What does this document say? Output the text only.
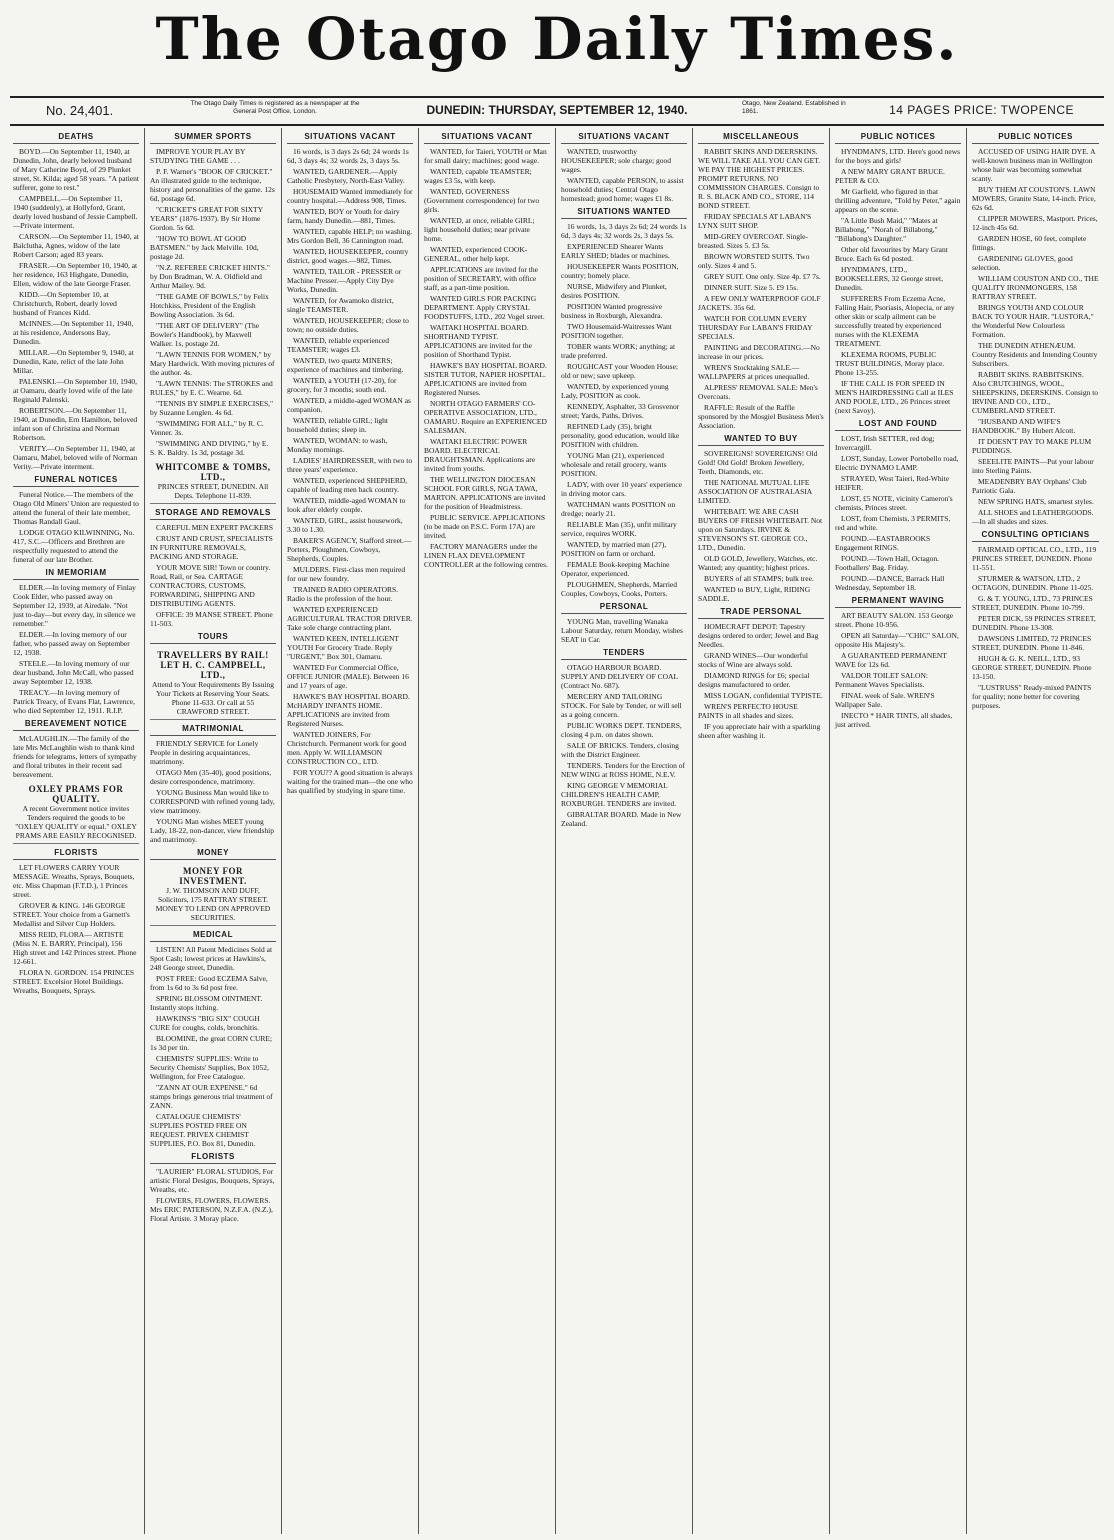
The Otago Daily Times.
No. 24,401.	The Otago Daily Times is registered as a newspaper at the General Post Office, London.	DUNEDIN: THURSDAY, SEPTEMBER 12, 1940.	Otago, New Zealand. Established in 1861.	14 PAGES PRICE: TWOPENCE
DEATHS

BOYD.—On September 11, 1940, at Dunedin, John, dearly beloved husband of Mary Catherine Boyd, of 29 Plunket street, St. Kilda; aged 58 years. "A patient sufferer, gone to rest."

CAMPBELL.—On September 11, 1940 (suddenly), at Hollyford, Grant, dearly loved husband of Jessie Campbell.—Private interment.

CARSON.—On September 11, 1940, at Balclutha, Agnes, widow of the late Robert Carson; aged 83 years.

FRASER.—On September 10, 1940, at her residence, 163 Highgate, Dunedin, Ellen, widow of the late George Fraser.

KIDD.—On September 10, at Christchurch, Robert, dearly loved husband of Frances Kidd.

McINNES.—On September 11, 1940, at his residence, Andersons Bay, Dunedin.

MILLAR.—On September 9, 1940, at Dunedin, Kate, relict of the late John Millar.

PALENSKI.—On September 10, 1940, at Oamaru, dearly loved wife of the late Reginald Palenski.

ROBERTSON.—On September 11, 1940, at Dunedin, Ern Hamilton, beloved infant son of Christina and Norman Robertson.

VERITY.—On September 11, 1940, at Oamaru, Mabel, beloved wife of Norman Verity.—Private interment.

FUNERAL NOTICES

Funeral Notice.—The members of the Otago Old Miners' Union are requested to attend the funeral of their late member, Thomas Randall Gaul.

LODGE OTAGO KILWINNING, No. 417, S.C.—Officers and Brethren are respectfully requested to attend the funeral of our late Brother.

IN MEMORIAM

ELDER.—In loving memory of Finlay Cook Elder, who passed away on September 12, 1939, at Airedale. "Not just to-day—but every day, in silence we remember."

ELDER.—In loving memory of our father, who passed away on September 12, 1938.

STEELE.—In loving memory of our dear husband, John McCall, who passed away September 12, 1938.

TREACY.—In loving memory of Patrick Treacy, of Evans Flat, Lawrence, who died September 12, 1911. R.I.P.

BEREAVEMENT NOTICE

McLAUGHLIN.—The family of the late Mrs McLaughlin wish to thank kind friends for telegrams, letters of sympathy and floral tributes in their recent sad bereavement.

OXLEY PRAMS FOR QUALITY.

A recent Government notice invites Tenders required the goods to be "OXLEY QUALITY or equal." OXLEY PRAMS ARE EASILY RECOGNISED.

FLORISTS

LET FLOWERS CARRY YOUR MESSAGE. Wreaths, Sprays, Bouquets, etc. Miss Chapman (F.T.D.), 1 Princes street.

GROVER & KING. 146 GEORGE STREET. Your choice from a Garnett's Medallist and Silver Cup Holders.

MISS REID, FLORA— ARTISTE (Miss N. E. BARRY, Principal), 156 High street and 142 Princes street. Phone 12-661.

FLORA N. GORDON. 154 PRINCES STREET. Excelsior Hotel Buildings. Wreaths, Bouquets, Sprays.

SUMMER SPORTS

IMPROVE YOUR PLAY BY STUDYING THE GAME . . .

P. F. Warner's "BOOK OF CRICKET." An illustrated guide to the technique, history and personalities of the game. 12s 6d, postage 6d.

"CRICKET'S GREAT FOR SIXTY YEARS" (1876-1937). By Sir Home Gordon. 5s 6d.

"HOW TO BOWL AT GOOD BATSMEN." by Jack Melville. 10d, postage 2d.

"N.Z. REFEREE CRICKET HINTS." by Don Bradman, W. A. Oldfield and Arthur Mailey. 9d.

"THE GAME OF BOWLS," by Felix Hotchkiss, President of the English Bowling Association. 3s 6d.

"THE ART OF DELIVERY" (The Bowler's Handbook), by Maxwell Walker. 1s, postage 2d.

"LAWN TENNIS FOR WOMEN," by Mary Hardwick. With moving pictures of the author. 4s.

"LAWN TENNIS: The STROKES and RULES," by E. C. Wearne. 6d.

"TENNIS BY SIMPLE EXERCISES," by Suzanne Lenglen. 4s 6d.

"SWIMMING FOR ALL," by R. C. Venner. 3s.

"SWIMMING AND DIVING," by E. S. K. Baldry. 1s 3d, postage 3d.

WHITCOMBE & TOMBS, LTD.,

PRINCES STREET, DUNEDIN. All Depts. Telephone 11-839.

STORAGE AND REMOVALS

CAREFUL MEN EXPERT PACKERS

CRUST AND CRUST, SPECIALISTS IN FURNITURE REMOVALS, PACKING AND STORAGE.

YOUR MOVE SIR! Town or country. Road, Rail, or Sea. CARTAGE CONTRACTORS, CUSTOMS, FORWARDING, SHIPPING AND DISTRIBUTING AGENTS.

OFFICE: 39 MANSE STREET. Phone 11-503.

TOURS
TRAVELLERS BY RAIL! LET H. C. CAMPBELL, LTD.,

Attend to Your Requirements By Issuing Your Tickets at Reserving Your Seats. Phone 11-633. Or call at 55 CRAWFORD STREET.

MATRIMONIAL

FRIENDLY SERVICE for Lonely People in desiring acquaintances, matrimony.

OTAGO Men (35-40), good positions, desire correspondence, matrimony.

YOUNG Business Man would like to CORRESPOND with refined young lady, view matrimony.

YOUNG Man wishes MEET young Lady, 18-22, non-dancer, view friendship and matrimony.

MONEY
MONEY FOR INVESTMENT.

J. W. THOMSON AND DUFF, Solicitors, 175 RATTRAY STREET. MONEY TO LEND ON APPROVED SECURITIES.

MEDICAL

LISTEN! All Patent Medicines Sold at Spot Cash; lowest prices at Hawkins's, 248 George street, Dunedin.

POST FREE: Good ECZEMA Salve, from 1s 6d to 3s 6d post free.

SPRING BLOSSOM OINTMENT. Instantly stops itching.

HAWKINS'S "BIG SIX" COUGH CURE for coughs, colds, bronchitis.

BLOOMINE, the great CORN CURE; 1s 3d per tin.

CHEMISTS' SUPPLIES: Write to Security Chemists' Supplies, Box 1052, Wellington, for Free Catalogue.

"ZANN AT OUR EXPENSE." 6d stamps brings generous trial treatment of ZANN.

CATALOGUE CHEMISTS' SUPPLIES POSTED FREE ON REQUEST. PRIVEX CHEMIST SUPPLIES, P.O. Box 81, Dunedin.

FLORISTS

"LAURIER" FLORAL STUDIOS, For artistic Floral Designs, Bouquets, Sprays, Wreaths, etc.

FLOWERS, FLOWERS, FLOWERS. Mrs ERIC PATERSON, N.Z.F.A. (N.Z.), Floral Artiste. 3 Moray place.

SITUATIONS VACANT

16 words, is 3 days 2s 6d; 24 words 1s 6d, 3 days 4s; 32 words 2s, 3 days 5s.

WANTED, GARDENER.—Apply Catholic Presbytery, North-East Valley.

HOUSEMAID Wanted immediately for country hospital.—Address 908, Times.

WANTED, BOY or Youth for dairy farm, handy Dunedin.—881, Times.

WANTED, capable HELP; no washing. Mrs Gordon Bell, 36 Cannington road.

WANTED, HOUSEKEEPER, country district, good wages.—982, Times.

WANTED, TAILOR - PRESSER or Machine Presser.—Apply City Dye Works, Dunedin.

WANTED, for Awamoko district, single TEAMSTER.

WANTED, HOUSEKEEPER; close to town; no outside duties.

WANTED, reliable experienced TEAMSTER; wages £3.

WANTED, two quartz MINERS; experience of machines and timbering.

WANTED, a YOUTH (17-20), for grocery, for 3 months; south end.

WANTED, a middle-aged WOMAN as companion.

WANTED, reliable GIRL; light household duties; sleep in.

WANTED, WOMAN: to wash, Monday mornings.

LADIES' HAIRDRESSER, with two to three years' experience.

WANTED, experienced SHEPHERD, capable of leading men back country.

WANTED, middle-aged WOMAN to look after elderly couple.

WANTED, GIRL, assist housework, 3.30 to 1.30.

BAKER'S AGENCY, Stafford street.—Porters, Ploughmen, Cowboys, Shepherds, Couples.

MULDERS. First-class men required for our new foundry.

TRAINED RADIO OPERATORS. Radio is the profession of the hour.

WANTED EXPERIENCED AGRICULTURAL TRACTOR DRIVER. Take sole charge contracting plant.

WANTED KEEN, INTELLIGENT YOUTH For Grocery Trade. Reply "URGENT," Box 301, Oamaru.

WANTED For Commercial Office, OFFICE JUNIOR (MALE). Between 16 and 17 years of age.

HAWKE'S BAY HOSPITAL BOARD. McHARDY INFANTS HOME. APPLICATIONS are invited from Registered Nurses.

WANTED JOINERS, For Christchurch. Permanent work for good men. Apply W. WILLIAMSON CONSTRUCTION CO., LTD.

FOR YOU?? A good situation is always waiting for the trained man—the one who has qualified by studying in spare time.

SITUATIONS VACANT

WANTED, for Taieri, YOUTH or Man for small dairy; machines; good wage.

WANTED, capable TEAMSTER; wages £3 5s, with keep.

WANTED, GOVERNESS (Government correspondence) for two girls.

WANTED, at once, reliable GIRL; light household duties; near private home.

WANTED, experienced COOK-GENERAL, other help kept.

APPLICATIONS are invited for the position of SECRETARY, with office staff, as a part-time position.

WANTED GIRLS FOR PACKING DEPARTMENT. Apply CRYSTAL FOODSTUFFS, LTD., 202 Vogel street.

WAITAKI HOSPITAL BOARD. SHORTHAND TYPIST. APPLICATIONS are invited for the position of Shorthand Typist.

HAWKE'S BAY HOSPITAL BOARD. SISTER TUTOR, NAPIER HOSPITAL. APPLICATIONS are invited from Registered Nurses.

NORTH OTAGO FARMERS' CO-OPERATIVE ASSOCIATION, LTD., OAMARU. Require an EXPERIENCED SALESMAN.

WAITAKI ELECTRIC POWER BOARD. ELECTRICAL DRAUGHTSMAN. Applications are invited from youths.

THE WELLINGTON DIOCESAN SCHOOL FOR GIRLS, NGA TAWA, MARTON. APPLICATIONS are invited for the position of Headmistress.

PUBLIC SERVICE. APPLICATIONS (to be made on P.S.C. Form 17A) are invited.

FACTORY MANAGERS under the LINEN FLAX DEVELOPMENT CONTROLLER at the following centres.

SITUATIONS VACANT

WANTED, trustworthy HOUSEKEEPER; sole charge; good wages.

WANTED, capable PERSON, to assist household duties; Central Otago homestead; good home; wages £1 8s.

SITUATIONS WANTED

16 words, 1s, 3 days 2s 6d; 24 words 1s 6d, 3 days 4s; 32 words 2s, 3 days 5s.

EXPERIENCED Shearer Wants EARLY SHED; blades or machines.

HOUSEKEEPER Wants POSITION, country; homely place.

NURSE, Midwifery and Plunket, desires POSITION.

POSITION Wanted progressive business in Roxburgh, Alexandra.

TWO Housemaid-Waitresses Want POSITION together.

TOBER wants WORK; anything; at trade preferred.

ROUGHCAST your Wooden House; old or new; save upkeep.

WANTED, by experienced young Lady, POSITION as cook.

KENNEDY, Asphalter, 33 Grosvenor street; Yards, Paths, Drives.

REFINED Lady (35), bright personality, good education, would like POSITION with children.

YOUNG Man (21), experienced wholesale and retail grocery, wants POSITION.

LADY, with over 10 years' experience in driving motor cars.

WATCHMAN wants POSITION on dredge; nearly 21.

RELIABLE Man (35), unfit military service, requires WORK.

WANTED, by married man (27), POSITION on farm or orchard.

FEMALE Book-keeping Machine Operator, experienced.

PLOUGHMEN, Shepherds, Married Couples, Cowboys, Cooks, Porters.

PERSONAL

YOUNG Man, travelling Wanaka Labour Saturday, return Monday, wishes SEAT in Car.

TENDERS

OTAGO HARBOUR BOARD. SUPPLY AND DELIVERY OF COAL (Contract No. 687).

MERCERY AND TAILORING STOCK. For Sale by Tender, or will sell as a going concern.

PUBLIC WORKS DEPT. TENDERS, closing 4 p.m. on dates shown.

SALE OF BRICKS. Tenders, closing with the District Engineer.

TENDERS. Tenders for the Erection of NEW WING at ROSS HOME, N.E.V.

KING GEORGE V MEMORIAL CHILDREN'S HEALTH CAMP, ROXBURGH. TENDERS are invited.

GIBRALTAR BOARD. Made in New Zealand.

MISCELLANEOUS

RABBIT SKINS AND DEERSKINS. WE WILL TAKE ALL YOU CAN GET. WE PAY THE HIGHEST PRICES. PROMPT RETURNS. NO COMMISSION CHARGES. Consign to R. S. BLACK AND CO., STORE, 114 BOND STREET.

FRIDAY SPECIALS AT LABAN'S LYNX SUIT SHOP.

MID-GREY OVERCOAT. Single-breasted. Sizes 5. £3 5s.

BROWN WORSTED SUITS. Two only. Sizes 4 and 5.

GREY SUIT. One only. Size 4p. £7 7s.

DINNER SUIT. Size 5. £9 15s.

A FEW ONLY WATERPROOF GOLF JACKETS. 35s 6d.

WATCH FOR COLUMN EVERY THURSDAY For LABAN'S FRIDAY SPECIALS.

PAINTING and DECORATING.—No increase in our prices.

WREN'S Stocktaking SALE.—WALLPAPERS at prices unequalled.

ALPRESS' REMOVAL SALE: Men's Overcoats.

RAFFLE: Result of the Raffle sponsored by the Mosgiel Business Men's Association.

WANTED TO BUY

SOVEREIGNS! SOVEREIGNS! Old Gold! Old Gold! Broken Jewellery, Teeth, Diamonds, etc.

THE NATIONAL MUTUAL LIFE ASSOCIATION OF AUSTRALASIA LIMITED.

WHITEBAIT. WE ARE CASH BUYERS OF FRESH WHITEBAIT. Not upon on Saturdays. IRVINE & STEVENSON'S ST. GEORGE CO., LTD., Dunedin.

OLD GOLD, Jewellery, Watches, etc. Wanted; any quantity; highest prices.

BUYERS of all STAMPS; bulk tree.

WANTED to BUY, Light, RIDING SADDLE.

TRADE PERSONAL

HOMECRAFT DEPOT: Tapestry designs ordered to order; Jewel and Bag Needles.

GRAND WINES—Our wonderful stocks of Wine are always sold.

DIAMOND RINGS for £6; special designs manufactured to order.

MISS LOGAN, confidential TYPISTE.

WREN'S PERFECTO HOUSE PAINTS in all shades and sizes.

IF you appreciate hair with a sparkling sheen after washing it.

PUBLIC NOTICES

HYNDMAN'S, LTD. Here's good news for the boys and girls!

A NEW MARY GRANT BRUCE. PETER & CO.

Mr Garfield, who figured in that thrilling adventure, "Told by Peter," again appears on the scene.

"A Little Bush Maid," "Mates at Billabong," "Norah of Billabong," "Billabong's Daughter."

Other old favourites by Mary Grant Bruce. Each 6s 6d posted.

HYNDMAN'S, LTD., BOOKSELLERS, 32 George street, Dunedin.

SUFFERERS From Eczema Acne, Falling Hair, Psoriasis, Alopecia, or any other skin or scalp ailment can be successfully treated by experienced nurses with the KLEXEMA TREATMENT.

KLEXEMA ROOMS, PUBLIC TRUST BUILDINGS, Moray place. Phone 13-255.

IF THE CALL IS FOR SPEED IN MEN'S HAIRDRESSING Call at ILES AND POOLE, LTD., 26 Princes street (next Savoy).

LOST AND FOUND

LOST, Irish SETTER, red dog; Invercargill.

LOST, Sunday, Lower Portobello road, Electric DYNAMO LAMP.

STRAYED, West Taieri, Red-White HEIFER.

LOST, £5 NOTE, vicinity Cameron's chemists, Princes street.

LOST, from Chemists, 3 PERMITS, red and white.

FOUND.—EASTABROOKS Engagement RINGS.

FOUND.—Town Hall, Octagon. Footballers' Bag. Friday.

FOUND.—DANCE, Barrack Hall Wednesday, September 18.

PERMANENT WAVING

ART BEAUTY SALON. 153 George street. Phone 10-956.

OPEN all Saturday—"CHIC" SALON, opposite His Majesty's.

A GUARANTEED PERMANENT WAVE for 12s 6d.

VALDOR TOILET SALON: Permanent Waves Specialists.

FINAL week of Sale. WREN'S Wallpaper Sale.

INECTO * HAIR TINTS, all shades, just arrived.

PUBLIC NOTICES

ACCUSED OF USING HAIR DYE. A well-known business man in Wellington whose hair was becoming somewhat scanty.

BUY THEM AT COUSTON'S. LAWN MOWERS, Granite State, 14-inch. Price, 62s 6d.

CLIPPER MOWERS, Mastport. Prices, 12-inch 45s 6d.

GARDEN HOSE, 60 feet, complete fittings.

GARDENING GLOVES, good selection.

WILLIAM COUSTON AND CO., THE QUALITY IRONMONGERS, 158 RATTRAY STREET.

BRINGS YOUTH AND COLOUR BACK TO YOUR HAIR. "LUSTORA," the Wonderful New Colourless Formation.

THE DUNEDIN ATHENÆUM. Country Residents and Intending Country Subscribers.

RABBIT SKINS. RABBITSKINS. Also CRUTCHINGS, WOOL, SHEEPSKINS, DEERSKINS. Consign to IRVINE AND CO., LTD., CUMBERLAND STREET.

"HUSBAND AND WIFE'S HANDBOOK." By Hubert Alcott.

IT DOESN'T PAY TO MAKE PLUM PUDDINGS.

SEEELITE PAINTS—Put your labour into Sterling Paints.

MEADENBRY BAY Orphans' Club Patriotic Gala.

NEW SPRING HATS, smartest styles.

ALL SHOES and LEATHERGOODS.—In all shades and sizes.

CONSULTING OPTICIANS

FAIRMAID OPTICAL CO., LTD., 119 PRINCES STREET, DUNEDIN. Phone 11-551.

STURMER & WATSON, LTD., 2 OCTAGON, DUNEDIN. Phone 11-025.

G. & T. YOUNG, LTD., 73 PRINCES STREET, DUNEDIN. Phone 10-799.

PETER DICK, 59 PRINCES STREET, DUNEDIN. Phone 13-308.

DAWSONS LIMITED, 72 PRINCES STREET, DUNEDIN. Phone 11-846.

HUGH & G. K. NEILL, LTD., 93 GEORGE STREET, DUNEDIN. Phone 13-150.

"LUSTRUSS" Ready-mixed PAINTS for quality; none better for covering purposes.
